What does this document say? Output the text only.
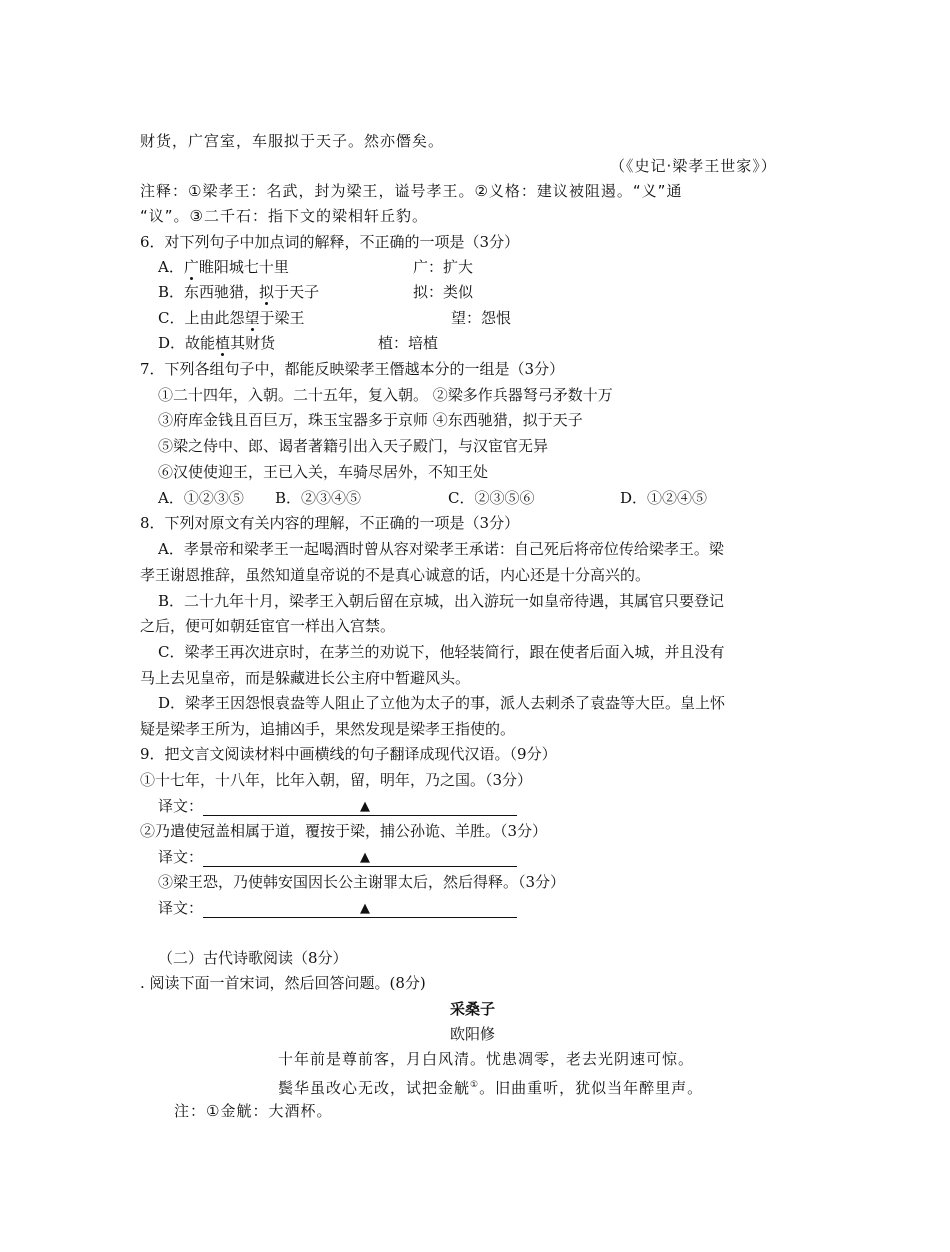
财货，广宫室，车服拟于天子。然亦僭矣。
（《史记·梁孝王世家》）
注释：①梁孝王：名武，封为梁王，谥号孝王。②义格：建议被阻遏。“义”通
“议”。③二千石：指下文的梁相轩丘豹。
6．对下列句子中加点词的解释，不正确的一项是（3分）
A．广睢阳城七十里	广：扩大
B．东西驰猎，拟于天子	拟：类似
C．上由此怨望于梁王	望：怨恨
D．故能植其财货	植：培植
7．下列各组句子中，都能反映梁孝王僭越本分的一组是（3分）
①二十四年，入朝。二十五年，复入朝。 ②梁多作兵器弩弓矛数十万
③府库金钱且百巨万，珠玉宝器多于京师 ④东西驰猎，拟于天子
⑤梁之侍中、郎、谒者著籍引出入天子殿门，与汉宦官无异
⑥汉使使迎王，王已入关，车骑尽居外，不知王处
A．①②③⑤ B．②③④⑤	C．②③⑤⑥	D．①②④⑤
8．下列对原文有关内容的理解，不正确的一项是（3分）
A．孝景帝和梁孝王一起喝酒时曾从容对梁孝王承诺：自己死后将帝位传给梁孝王。梁
孝王谢恩推辞，虽然知道皇帝说的不是真心诚意的话，内心还是十分高兴的。
B．二十九年十月，梁孝王入朝后留在京城，出入游玩一如皇帝待遇，其属官只要登记
之后，便可如朝廷宦官一样出入宫禁。
C．梁孝王再次进京时，在茅兰的劝说下，他轻装简行，跟在使者后面入城，并且没有
马上去见皇帝，而是躲藏进长公主府中暂避风头。
D．梁孝王因怨恨袁盎等人阻止了立他为太子的事，派人去刺杀了袁盎等大臣。皇上怀
疑是梁孝王所为，追捕凶手，果然发现是梁孝王指使的。
9．把文言文阅读材料中画横线的句子翻译成现代汉语。（9分）
①十七年，十八年，比年入朝，留，明年，乃之国。（3分）
译文：	▲
②乃遣使冠盖相属于道，覆按于梁，捕公孙诡、羊胜。（3分）
译文：	▲
③梁王恐，乃使韩安国因长公主谢罪太后，然后得释。（3分）
译文：	▲
（二）古代诗歌阅读（8分）
. 阅读下面一首宋词，然后回答问题。(8分)
采桑子
欧阳修
十年前是尊前客，月白风清。忧患凋零，老去光阴速可惊。
鬓华虽改心无改，试把金觥①。旧曲重听，犹似当年醉里声。
注：①金觥：大酒杯。
